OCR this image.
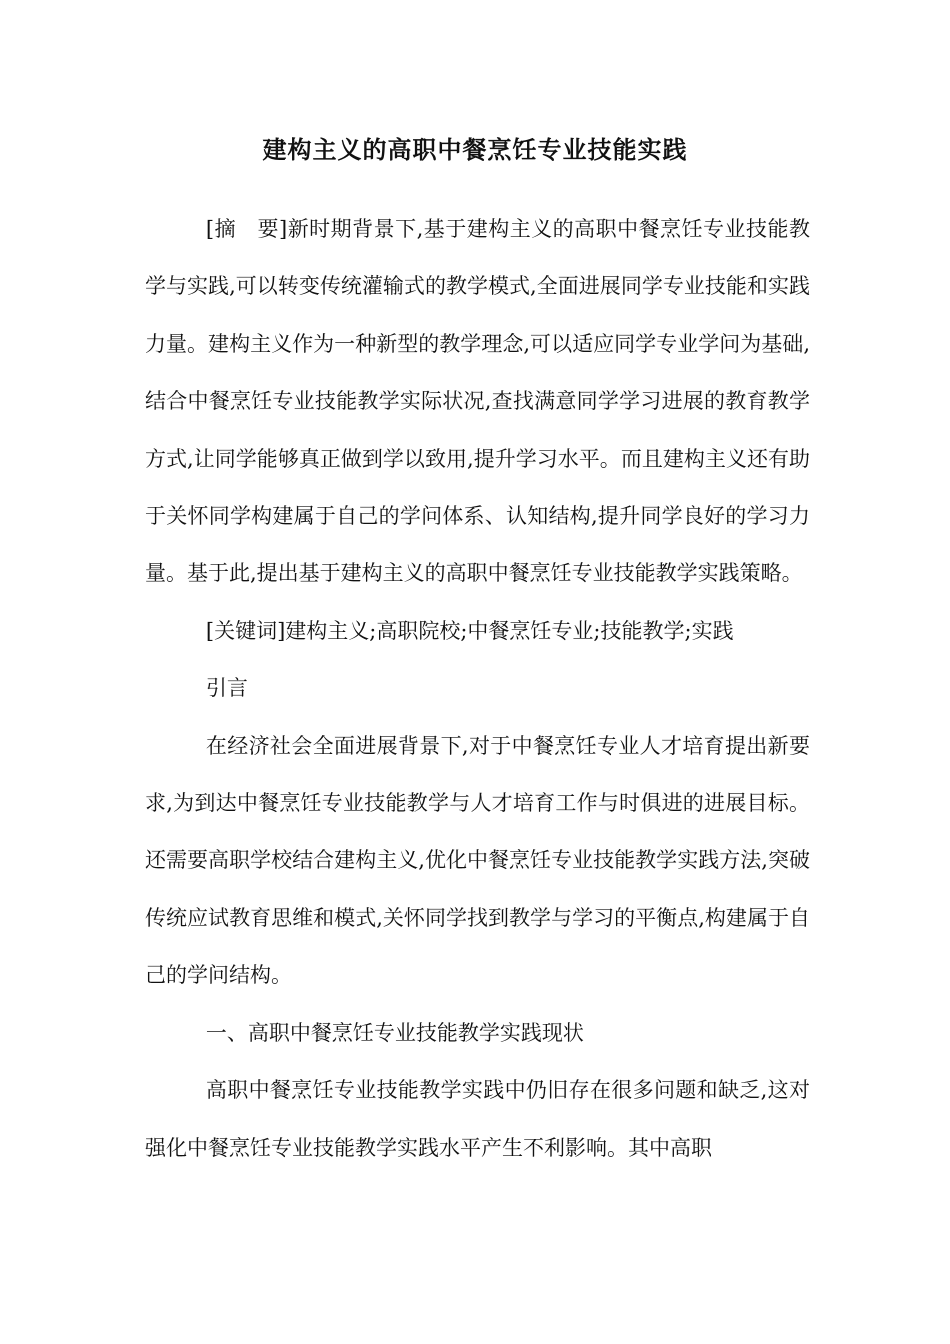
建构主义的高职中餐烹饪专业技能实践

[摘　要]新时期背景下,基于建构主义的高职中餐烹饪专业技能教学与实践,可以转变传统灌输式的教学模式,全面进展同学专业技能和实践力量。建构主义作为一种新型的教学理念,可以适应同学专业学问为基础,结合中餐烹饪专业技能教学实际状况,查找满意同学学习进展的教育教学方式,让同学能够真正做到学以致用,提升学习水平。而且建构主义还有助于关怀同学构建属于自己的学问体系、认知结构,提升同学良好的学习力量。基于此,提出基于建构主义的高职中餐烹饪专业技能教学实践策略。

[关键词]建构主义;高职院校;中餐烹饪专业;技能教学;实践

引言

在经济社会全面进展背景下,对于中餐烹饪专业人才培育提出新要求,为到达中餐烹饪专业技能教学与人才培育工作与时俱进的进展目标。还需要高职学校结合建构主义,优化中餐烹饪专业技能教学实践方法,突破传统应试教育思维和模式,关怀同学找到教学与学习的平衡点,构建属于自己的学问结构。

一、高职中餐烹饪专业技能教学实践现状

高职中餐烹饪专业技能教学实践中仍旧存在很多问题和缺乏,这对强化中餐烹饪专业技能教学实践水平产生不利影响。其中高职
